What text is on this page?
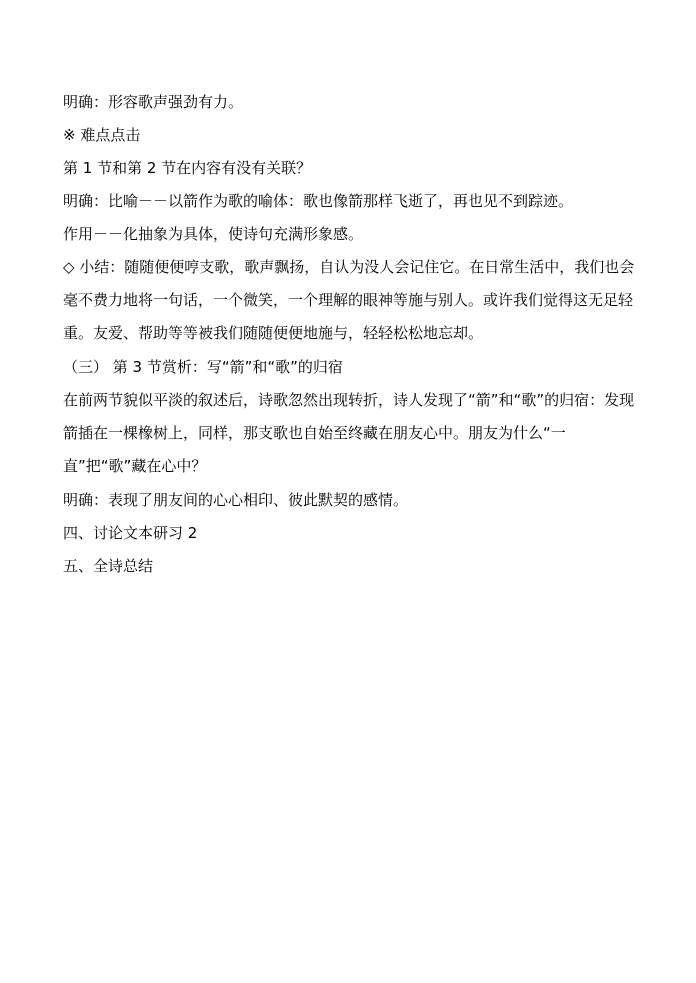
明确：形容歌声强劲有力。

※ 难点点击

第 1 节和第 2 节在内容有没有关联？

明确：比喻－－以箭作为歌的喻体：歌也像箭那样飞逝了，再也见不到踪迹。

作用－－化抽象为具体，使诗句充满形象感。

◇ 小结：随随便便哼支歌，歌声飘扬，自认为没人会记住它。在日常生活中，我们也会毫不费力地将一句话，一个微笑，一个理解的眼神等施与别人。或许我们觉得这无足轻重。友爱、帮助等等被我们随随便便地施与，轻轻松松地忘却。

（三） 第 3 节赏析：写“箭”和“歌”的归宿

在前两节貌似平淡的叙述后，诗歌忽然出现转折，诗人发现了“箭”和“歌”的归宿：发现箭插在一棵橡树上，同样，那支歌也自始至终藏在朋友心中。朋友为什么“一直”把“歌”藏在心中？

明确：表现了朋友间的心心相印、彼此默契的感情。

四、讨论文本研习 2

五、全诗总结
